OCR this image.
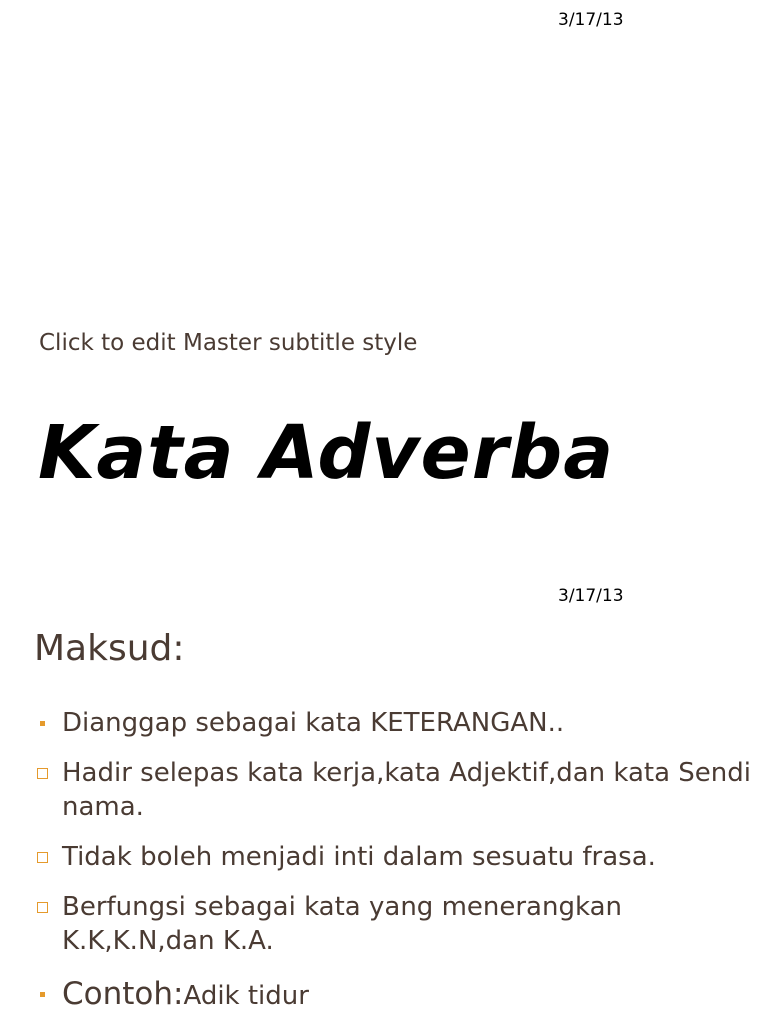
3/17/13
Click to edit Master subtitle style
Kata Adverba
3/17/13
Maksud:
Dianggap sebagai kata KETERANGAN..
Hadir selepas kata kerja,kata Adjektif,dan kata Sendi nama.
Tidak boleh menjadi inti dalam sesuatu frasa.
Berfungsi sebagai kata yang menerangkan K.K,K.N,dan K.A.
Contoh:Adik tidur
